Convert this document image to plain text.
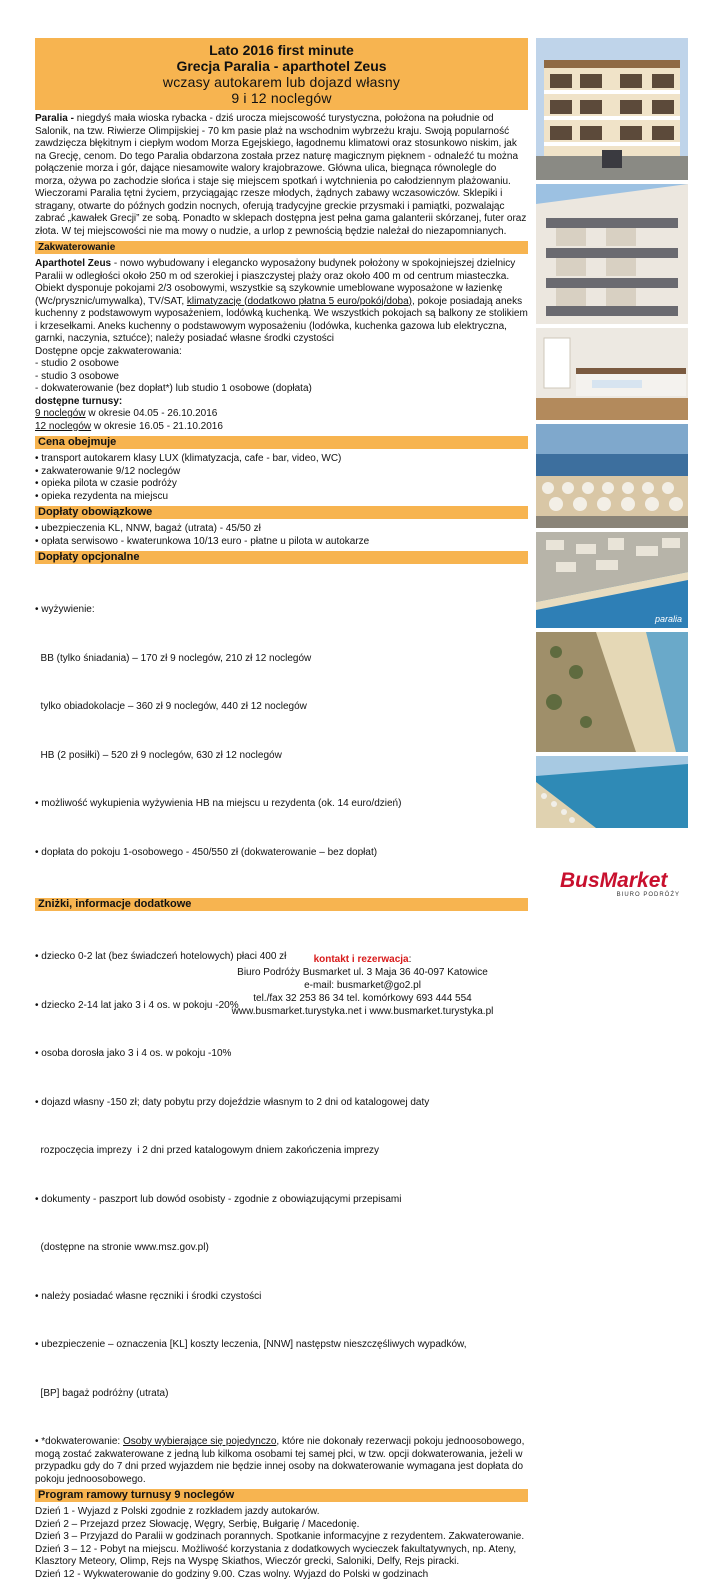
Lato 2016 first minute
Grecja Paralia - aparthotel Zeus
wczasy autokarem lub dojazd własny
9 i 12 noclegów

Paralia - niegdyś mała wioska rybacka - dziś urocza miejscowość turystyczna, położona na południe od Salonik, na tzw. Riwierze Olimpijskiej - 70 km pasie plaż na wschodnim wybrzeżu kraju. Swoją popularność zawdzięcza błękitnym i ciepłym wodom Morza Egejskiego, łagodnemu klimatowi oraz stosunkowo niskim, jak na Grecję, cenom. Do tego Paralia obdarzona została przez naturę magicznym pięknem - odnaleźć tu można połączenie morza i gór, dające niesamowite walory krajobrazowe. Główna ulica, biegnąca równolegle do morza, ożywa po zachodzie słońca i staje się miejscem spotkań i wytchnienia po całodziennym plażowaniu. Wieczorami Paralia tętni życiem, przyciągając rzesze młodych, żądnych zabawy wczasowiczów. Sklepiki i stragany, otwarte do późnych godzin nocnych, oferują tradycyjne greckie przysmaki i pamiątki, pozwalając zabrać „kawałek Grecji” ze sobą. Ponadto w sklepach dostępna jest pełna gama galanterii skórzanej, futer oraz złota. W tej miejscowości nie ma mowy o nudzie, a urlop z pewnością będzie należał do niezapomnianych.

Zakwaterowanie

Aparthotel Zeus - nowo wybudowany i elegancko wyposażony budynek położony w spokojniejszej dzielnicy Paralii w odległości około 250 m od szerokiej i piaszczystej plaży oraz około 400 m od centrum miasteczka. Obiekt dysponuje pokojami 2/3 osobowymi, wszystkie są szykownie umeblowane wyposażone w łazienkę (Wc/prysznic/umywalka), TV/SAT, klimatyzację (dodatkowo płatna 5 euro/pokój/doba), pokoje posiadają aneks kuchenny z podstawowym wyposażeniem, lodówką kuchenką. We wszystkich pokojach są balkony ze stolikiem i krzesełkami. Aneks kuchenny o podstawowym wyposażeniu (lodówka, kuchenka gazowa lub elektryczna, garnki, naczynia, sztućce); należy posiadać własne środki czystości

Dostępne opcje zakwaterowania:

- studio 2 osobowe
- studio 3 osobowe
- dokwaterowanie (bez dopłat*) lub studio 1 osobowe (dopłata)

dostępne turnusy:

9 noclegów w okresie 04.05 - 26.10.2016

12 noclegów w okresie 16.05 - 21.10.2016

Cena obejmuje
• transport autokarem klasy LUX (klimatyzacja, cafe - bar, video, WC)
• zakwaterowanie 9/12 noclegów
• opieka pilota w czasie podróży
• opieka rezydenta na miejscu
Dopłaty obowiązkowe
• ubezpieczenia KL, NNW, bagaż (utrata) - 45/50 zł
• opłata serwisowo - kwaterunkowa 10/13 euro - płatne u pilota w autokarze
Dopłaty opcjonalne

• wyżywienie:

BB (tylko śniadania) – 170 zł 9 noclegów, 210 zł 12 noclegów

tylko obiadokolacje – 360 zł 9 noclegów, 440 zł 12 noclegów

HB (2 posiłki) – 520 zł 9 noclegów, 630 zł 12 noclegów

• możliwość wykupienia wyżywienia HB na miejscu u rezydenta (ok. 14 euro/dzień)

• dopłata do pokoju 1-osobowego - 450/550 zł (dokwaterowanie – bez dopłat)

Zniżki, informacje dodatkowe

• dziecko 0-2 lat (bez świadczeń hotelowych) płaci 400 zł

• dziecko 2-14 lat jako 3 i 4 os. w pokoju -20%

• osoba dorosła jako 3 i 4 os. w pokoju -10%

• dojazd własny -150 zł; daty pobytu przy dojeździe własnym to 2 dni od katalogowej daty

rozpoczęcia imprezy  i 2 dni przed katalogowym dniem zakończenia imprezy

• dokumenty - paszport lub dowód osobisty - zgodnie z obowiązującymi przepisami

(dostępne na stronie www.msz.gov.pl)

• należy posiadać własne ręczniki i środki czystości

• ubezpieczenie – oznaczenia [KL] koszty leczenia, [NNW] następstw nieszczęśliwych wypadków,

[BP] bagaż podróżny (utrata)

• *dokwaterowanie: Osoby wybierające się pojedynczo, które nie dokonały rezerwacji pokoju jednoosobowego, mogą zostać zakwaterowane z jedną lub kilkoma osobami tej samej płci, w tzw. opcji dokwaterowania, jeżeli w przypadku gdy do 7 dni przed wyjazdem nie będzie innej osoby na dokwaterowanie wymagana jest dopłata do pokoju jednoosobowego.

Program ramowy turnusy 9 noclegów

Dzień 1 - Wyjazd z Polski zgodnie z rozkładem jazdy autokarów.

Dzień 2 – Przejazd przez Słowację, Węgry, Serbię, Bułgarię / Macedonię.

Dzień 3 – Przyjazd do Paralii w godzinach porannych. Spotkanie informacyjne z rezydentem. Zakwaterowanie.

Dzień 3 – 12 - Pobyt na miejscu. Możliwość korzystania z dodatkowych wycieczek fakultatywnych, np. Ateny, Klasztory Meteory, Olimp, Rejs na Wyspę Skiathos, Wieczór grecki, Saloniki, Delfy, Rejs piracki.

Dzień 12 - Wykwaterowanie do godziny 9.00. Czas wolny. Wyjazd do Polski w godzinach

paralia
BusMarket
BIURO PODRÓŻY
kontakt i rezerwacja:
Biuro Podróży Busmarket ul. 3 Maja 36 40-097 Katowice
e-mail: busmarket@go2.pl
tel./fax 32 253 86 34 tel. komórkowy 693 444 554
www.busmarket.turystyka.net i www.busmarket.turystyka.pl
